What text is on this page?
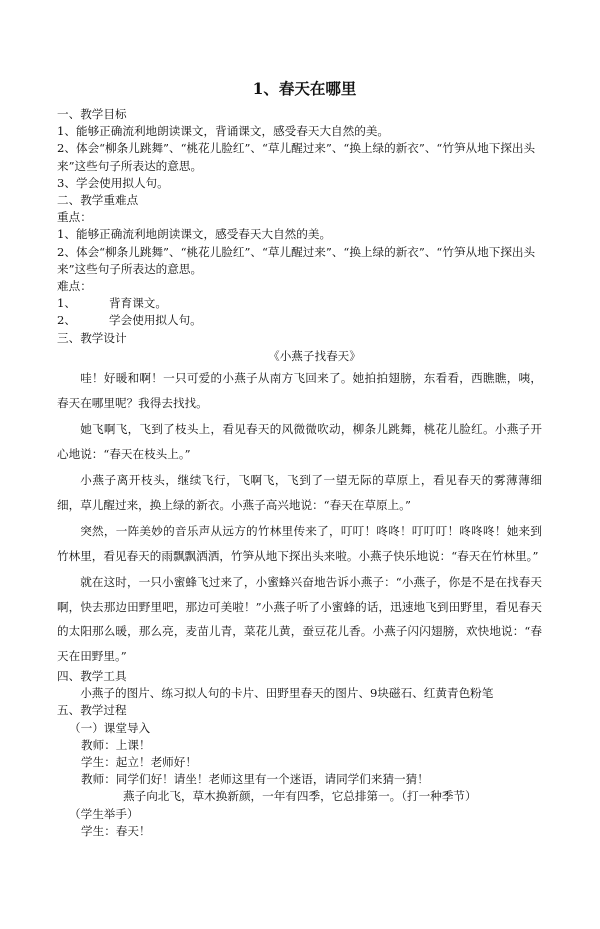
1、春天在哪里

一、教学目标

1、能够正确流利地朗读课文，背诵课文，感受春天大自然的美。

2、体会“柳条儿跳舞”、“桃花儿脸红”、“草儿醒过来”、“换上绿的新衣”、“竹笋从地下探出头来”这些句子所表达的意思。

3、学会使用拟人句。

二、教学重难点

重点：

1、能够正确流利地朗读课文，感受春天大自然的美。

2、体会“柳条儿跳舞”、“桃花儿脸红”、“草儿醒过来”、“换上绿的新衣”、“竹笋从地下探出头来”这些句子所表达的意思。

难点：

1、	背育课文。

2、	学会使用拟人句。

三、教学设计

《小燕子找春天》

哇！好暖和啊！一只可爱的小燕子从南方飞回来了。她拍拍翅膀，东看看，西瞧瞧，咦，春天在哪里呢？我得去找找。

她飞啊飞，飞到了枝头上，看见春天的风微微吹动，柳条儿跳舞，桃花儿脸红。小燕子开心地说：“春天在枝头上。”

小燕子离开枝头，继续飞行，飞啊飞，飞到了一望无际的草原上，看见春天的雾薄薄细细，草儿醒过来，换上绿的新衣。小燕子高兴地说：“春天在草原上。”

突然，一阵美妙的音乐声从远方的竹林里传来了，叮叮！咚咚！叮叮叮！咚咚咚！她来到竹林里，看见春天的雨飘飘洒洒，竹笋从地下探出头来啦。小燕子快乐地说：“春天在竹林里。”

就在这时，一只小蜜蜂飞过来了，小蜜蜂兴奋地告诉小燕子：“小燕子，你是不是在找春天啊，快去那边田野里吧，那边可美啦！”小燕子听了小蜜蜂的话，迅速地飞到田野里，看见春天的太阳那么暖，那么亮，麦苗儿青，菜花儿黄，蚕豆花儿香。小燕子闪闪翅膀，欢快地说：“春天在田野里。”

四、教学工具

小燕子的图片、练习拟人句的卡片、田野里春天的图片、9块磁石、红黄青色粉笔

五、教学过程

（一）课堂导入

教师：上课！

学生：起立！老师好！

教师：同学们好！请坐！老师这里有一个迷语，请同学们来猜一猜！

燕子向北飞，草木换新颜，一年有四季，它总排第一。（打一种季节）

（学生举手）

学生：春天！
